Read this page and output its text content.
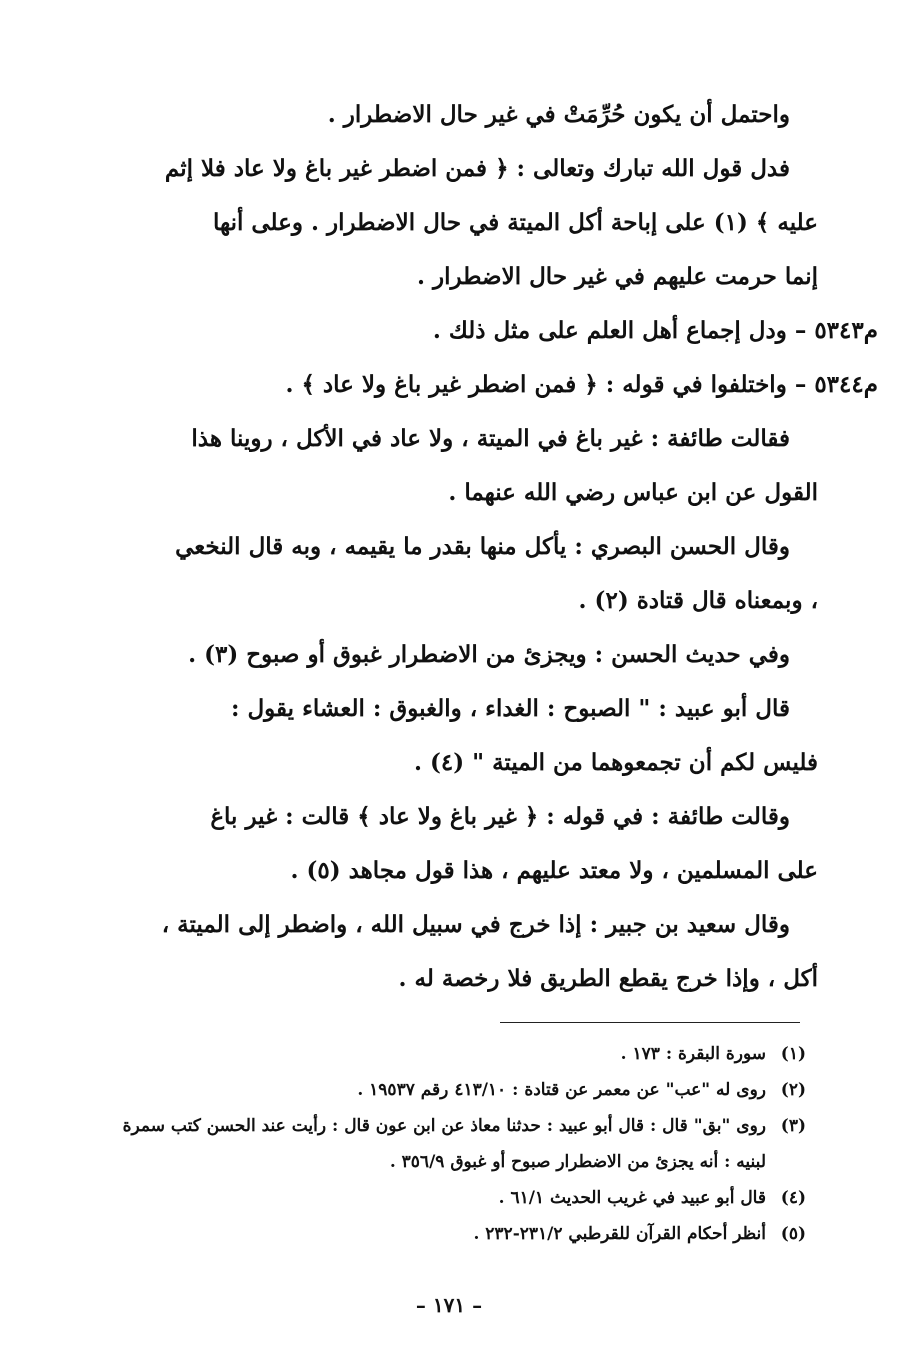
واحتمل أن يكون حُرِّمَتْ في غير حال الاضطرار .
فدل قول الله تبارك وتعالى : ﴿ فمن اضطر غير باغ ولا عاد فلا إثم
عليه ﴾ (١) على إباحة أكل الميتة في حال الاضطرار . وعلى أنها
إنما حرمت عليهم في غير حال الاضطرار .
م٥٣٤٣ –ودل إجماع أهل العلم على مثل ذلك .
م٥٣٤٤ –واختلفوا في قوله : ﴿ فمن اضطر غير باغ ولا عاد ﴾ .
فقالت طائفة : غير باغ في الميتة ، ولا عاد في الأكل ، روينا هذا
القول عن ابن عباس رضي الله عنهما .
وقال الحسن البصري : يأكل منها بقدر ما يقيمه ، وبه قال النخعي
، وبمعناه قال قتادة (٢) .
وفي حديث الحسن : ويجزئ من الاضطرار غبوق أو صبوح (٣) .
قال أبو عبيد : " الصبوح : الغداء ، والغبوق : العشاء يقول :
فليس لكم أن تجمعوهما من الميتة " (٤) .
وقالت طائفة : في قوله : ﴿ غير باغ ولا عاد ﴾ قالت : غير باغ
على المسلمين ، ولا معتد عليهم ، هذا قول مجاهد (٥) .
وقال سعيد بن جبير : إذا خرج في سبيل الله ، واضطر إلى الميتة ،
أكل ، وإذا خرج يقطع الطريق فلا رخصة له .
(١)سورة البقرة : ١٧٣ .
(٢)روى له "عب" عن معمر عن قتادة : ٤١٣/١٠ رقم ١٩٥٣٧ .
(٣)روى "بق" قال : قال أبو عبيد : حدثنا معاذ عن ابن عون قال : رأيت عند الحسن كتب سمرة
لبنيه : أنه يجزئ من الاضطرار صبوح أو غبوق ٣٥٦/٩ .
(٤)قال أبو عبيد في غريب الحديث ٦١/١ .
(٥)أنظر أحكام القرآن للقرطبي ٢٣١/٢-٢٣٢ .
– ١٧١ –
